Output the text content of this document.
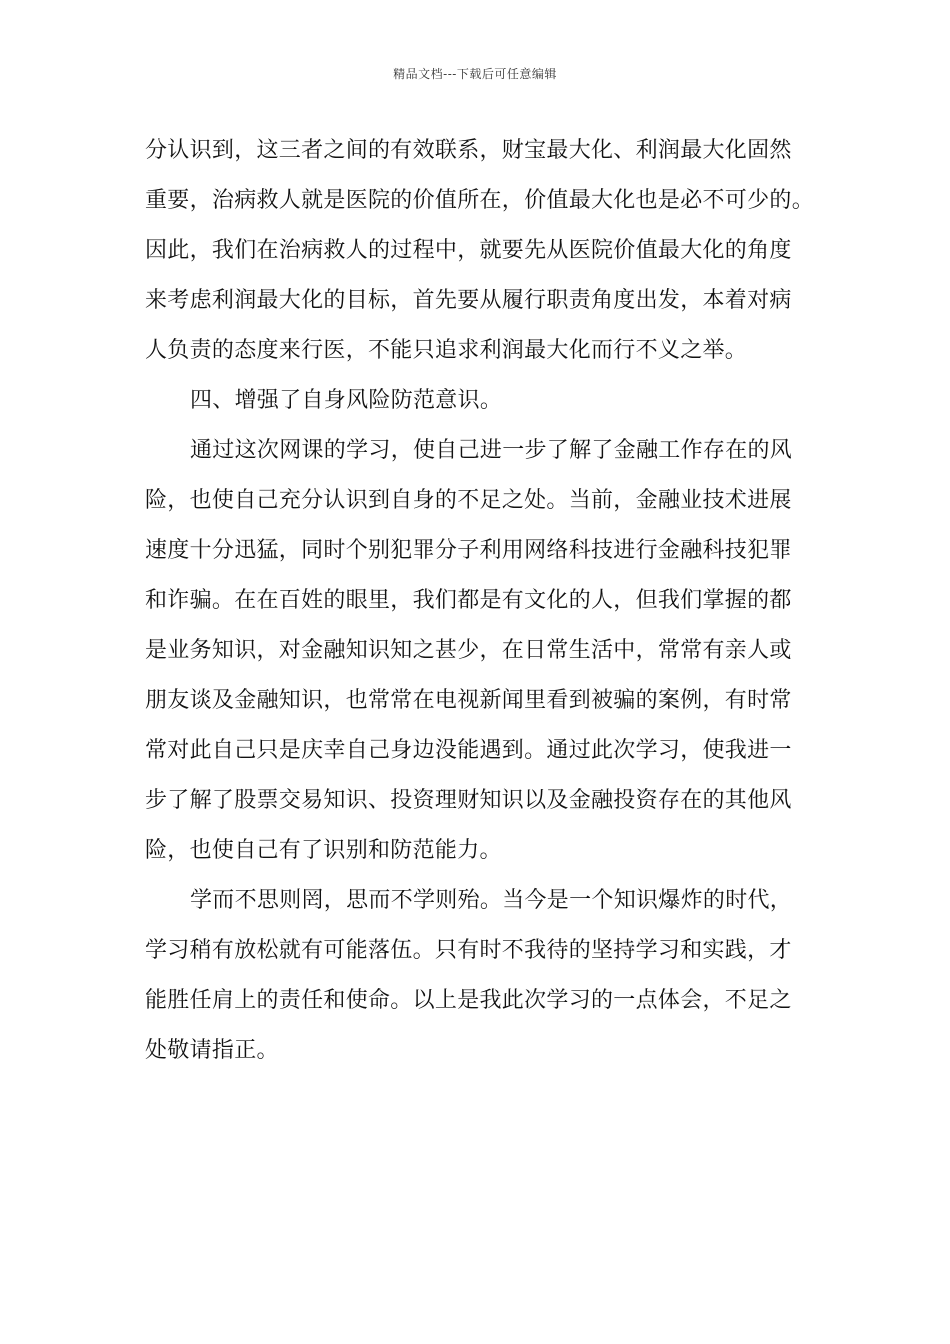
精品文档---下载后可任意编辑
分认识到，这三者之间的有效联系，财宝最大化、利润最大化固然
重要，治病救人就是医院的价值所在，价值最大化也是必不可少的。
因此，我们在治病救人的过程中，就要先从医院价值最大化的角度
来考虑利润最大化的目标，首先要从履行职责角度出发，本着对病
人负责的态度来行医，不能只追求利润最大化而行不义之举。
四、增强了自身风险防范意识。
通过这次网课的学习，使自己进一步了解了金融工作存在的风
险，也使自己充分认识到自身的不足之处。当前，金融业技术进展
速度十分迅猛，同时个别犯罪分子利用网络科技进行金融科技犯罪
和诈骗。在在百姓的眼里，我们都是有文化的人，但我们掌握的都
是业务知识，对金融知识知之甚少，在日常生活中，常常有亲人或
朋友谈及金融知识，也常常在电视新闻里看到被骗的案例，有时常
常对此自己只是庆幸自己身边没能遇到。通过此次学习，使我进一
步了解了股票交易知识、投资理财知识以及金融投资存在的其他风
险，也使自己有了识别和防范能力。
学而不思则罔，思而不学则殆。当今是一个知识爆炸的时代，
学习稍有放松就有可能落伍。只有时不我待的坚持学习和实践，才
能胜任肩上的责任和使命。以上是我此次学习的一点体会，不足之
处敬请指正。
